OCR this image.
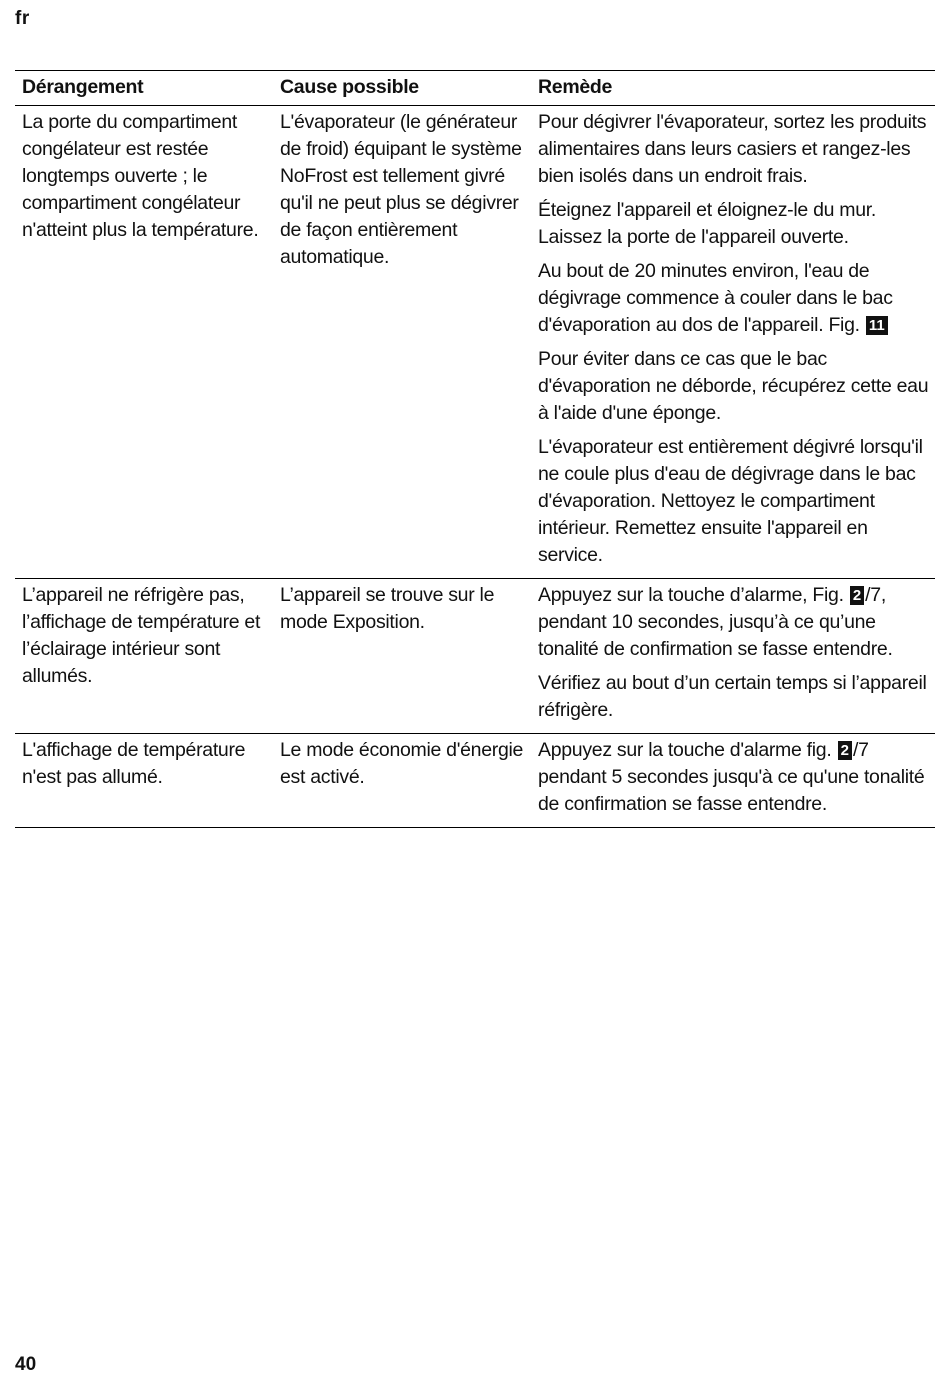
fr
Dérangement	Cause possible	Remède
La porte du compartiment congélateur est restée longtemps ouverte ; le compartiment congélateur n'atteint plus la température.	L'évaporateur (le générateur de froid) équipant le système NoFrost est tellement givré qu'il ne peut plus se dégivrer de façon entièrement automatique.	Pour dégivrer l'évaporateur, sortez les produits alimentaires dans leurs casiers et rangez-les bien isolés dans un endroit frais.

Éteignez l'appareil et éloignez-le du mur. Laissez la porte de l'appareil ouverte.

Au bout de 20 minutes environ, l'eau de dégivrage commence à couler dans le bac d'évaporation au dos de l'appareil. Fig. 11

Pour éviter dans ce cas que le bac d'évaporation ne déborde, récupérez cette eau à l'aide d'une éponge.

L'évaporateur est entièrement dégivré lorsqu'il ne coule plus d'eau de dégivrage dans le bac d'évaporation. Nettoyez le compartiment intérieur. Remettez ensuite l'appareil en service.

L’appareil ne réfrigère pas, l’affichage de température et l’éclairage intérieur sont allumés.	L’appareil se trouve sur le mode Exposition.	Appuyez sur la touche d’alarme, Fig. 2 /7, pendant 10 secondes, jusqu’à ce qu’une tonalité de confirmation se fasse entendre.

Vérifiez au bout d’un certain temps si l’appareil réfrigère.

L'affichage de température n'est pas allumé.	Le mode économie d'énergie est activé.	Appuyez sur la touche d'alarme fig. 2 /7 pendant 5 secondes jusqu'à ce qu'une tonalité de confirmation se fasse entendre.

40
